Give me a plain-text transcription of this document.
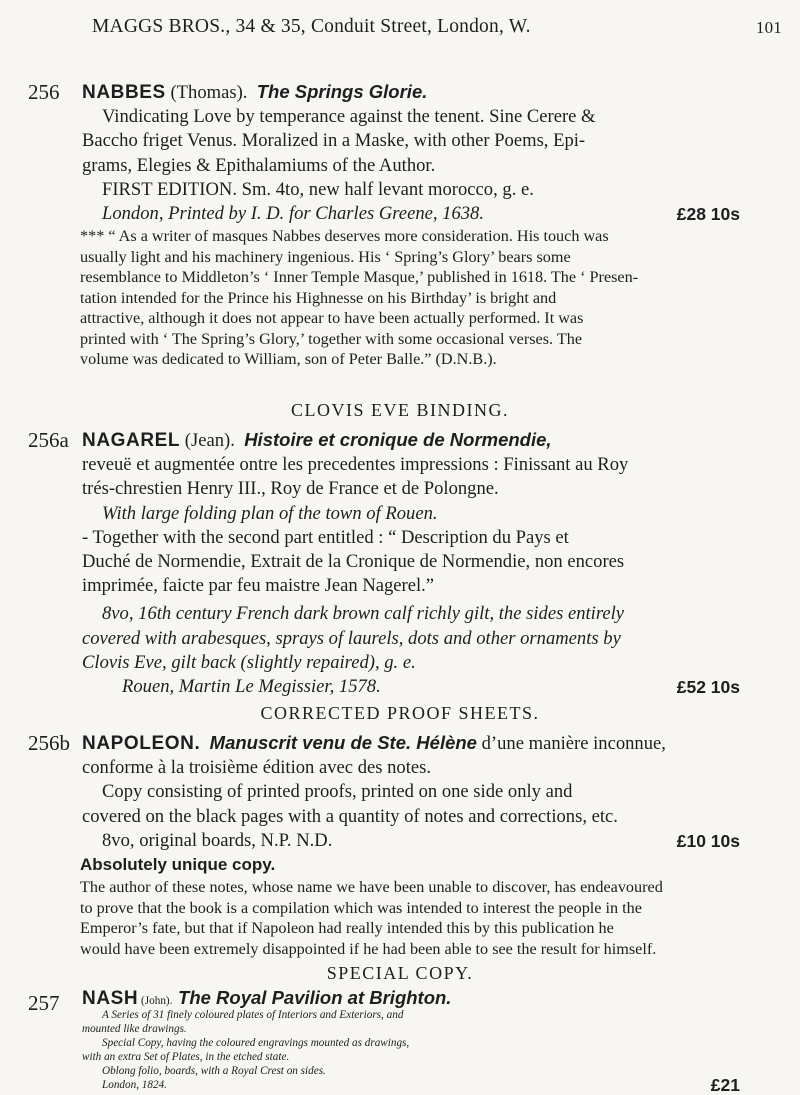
MAGGS BROS., 34 & 35, Conduit Street, London, W.	101
256 NABBES (Thomas). The Springs Glorie.
Vindicating Love by temperance against the tenent. Sine Cerere &
Baccho friget Venus. Moralized in a Maske, with other Poems, Epi-
grams, Elegies & Epithalamiums of the Author.
FIRST EDITION. Sm. 4to, new half levant morocco, g. e.
London, Printed by I. D. for Charles Greene, 1638.	£28 10s
*** “ As a writer of masques Nabbes deserves more consideration. His touch was
usually light and his machinery ingenious. His ‘ Spring’s Glory’ bears some
resemblance to Middleton’s ‘ Inner Temple Masque,’ published in 1618. The ‘ Presen-
tation intended for the Prince his Highnesse on his Birthday’ is bright and
attractive, although it does not appear to have been actually performed. It was
printed with ‘ The Spring’s Glory,’ together with some occasional verses. The
volume was dedicated to William, son of Peter Balle.” (D.N.B.).
CLOVIS EVE BINDING.
256a NAGAREL (Jean). Histoire et cronique de Normendie,
reveuë et augmentée ontre les precedentes impressions : Finissant au Roy
trés-chrestien Henry III., Roy de France et de Polongne.
With large folding plan of the town of Rouen.
- Together with the second part entitled : “ Description du Pays et
Duché de Normendie, Extrait de la Cronique de Normendie, non encores
imprimée, faicte par feu maistre Jean Nagerel.”
8vo, 16th century French dark brown calf richly gilt, the sides entirely
covered with arabesques, sprays of laurels, dots and other ornaments by
Clovis Eve, gilt back (slightly repaired), g. e.
Rouen, Martin Le Megissier, 1578.	£52 10s
CORRECTED PROOF SHEETS.
256b NAPOLEON. Manuscrit venu de Ste. Hélène d’une manière inconnue,
conforme à la troisième édition avec des notes.
Copy consisting of printed proofs, printed on one side only and
covered on the black pages with a quantity of notes and corrections, etc.
8vo, original boards, N.P. N.D.	£10 10s
Absolutely unique copy.
The author of these notes, whose name we have been unable to discover, has endeavoured
to prove that the book is a compilation which was intended to interest the people in the
Emperor’s fate, but that if Napoleon had really intended this by this publication he
would have been extremely disappointed if he had been able to see the result for himself.
SPECIAL COPY.
257 NASH (John). The Royal Pavilion at Brighton.
A Series of 31 finely coloured plates of Interiors and Exteriors, and
mounted like drawings.
Special Copy, having the coloured engravings mounted as drawings,
with an extra Set of Plates, in the etched state.
Oblong folio, boards, with a Royal Crest on sides.
London, 1824.	£21
